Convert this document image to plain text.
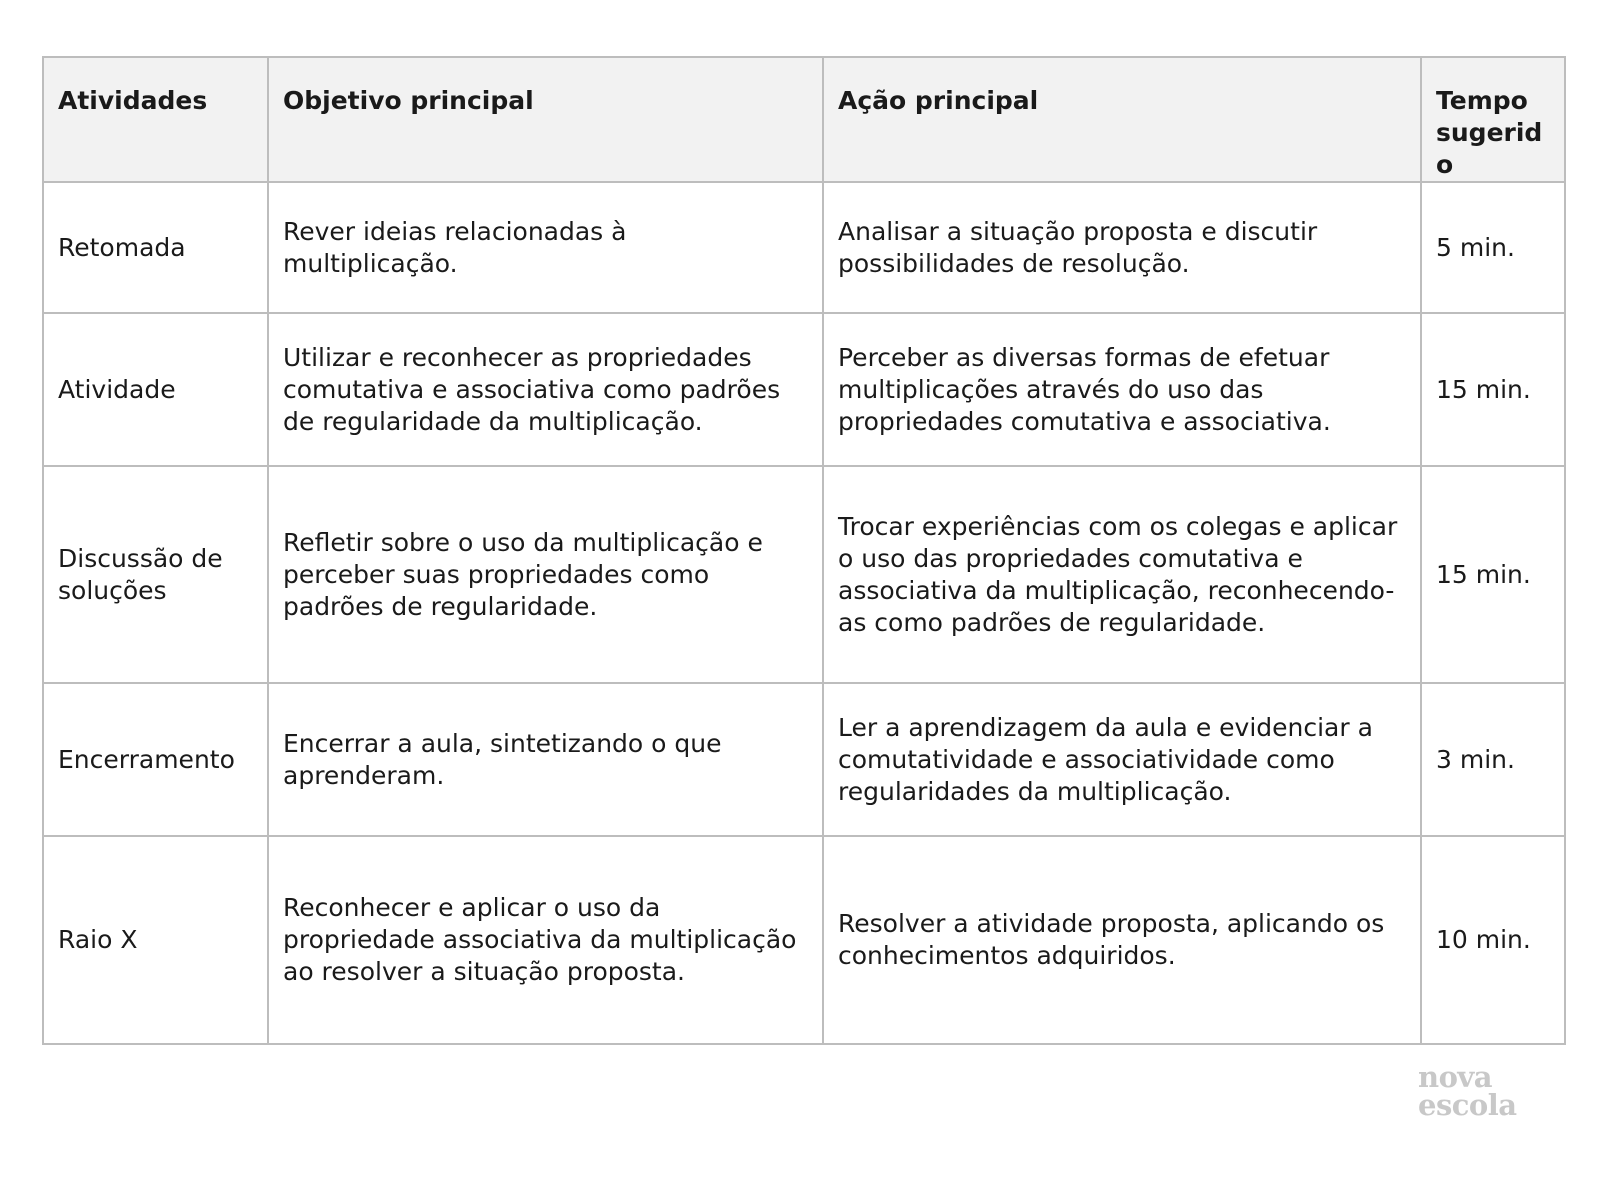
Atividades	Objetivo principal	Ação principal	Tempo sugerido
Retomada	Rever ideias relacionadas à multiplicação.	Analisar a situação proposta e discutir possibilidades de resolução.	5 min.
Atividade	Utilizar e reconhecer as propriedades comutativa e associativa como padrões de regularidade da multiplicação.	Perceber as diversas formas de efetuar multiplicações através do uso das propriedades comutativa e associativa.	15 min.
Discussão de soluções	Refletir sobre o uso da multiplicação e perceber suas propriedades como padrões de regularidade.	Trocar experiências com os colegas e aplicar o uso das propriedades comutativa e associativa da multiplicação, reconhecendo-as como padrões de regularidade.	15 min.
Encerramento	Encerrar a aula, sintetizando o que aprenderam.	Ler a aprendizagem da aula e evidenciar a comutatividade e associatividade como regularidades da multiplicação.	3 min.
Raio X	Reconhecer e aplicar o uso da propriedade associativa da multiplicação ao resolver a situação proposta.	Resolver a atividade proposta, aplicando os conhecimentos adquiridos.	10 min.
nova
escola
